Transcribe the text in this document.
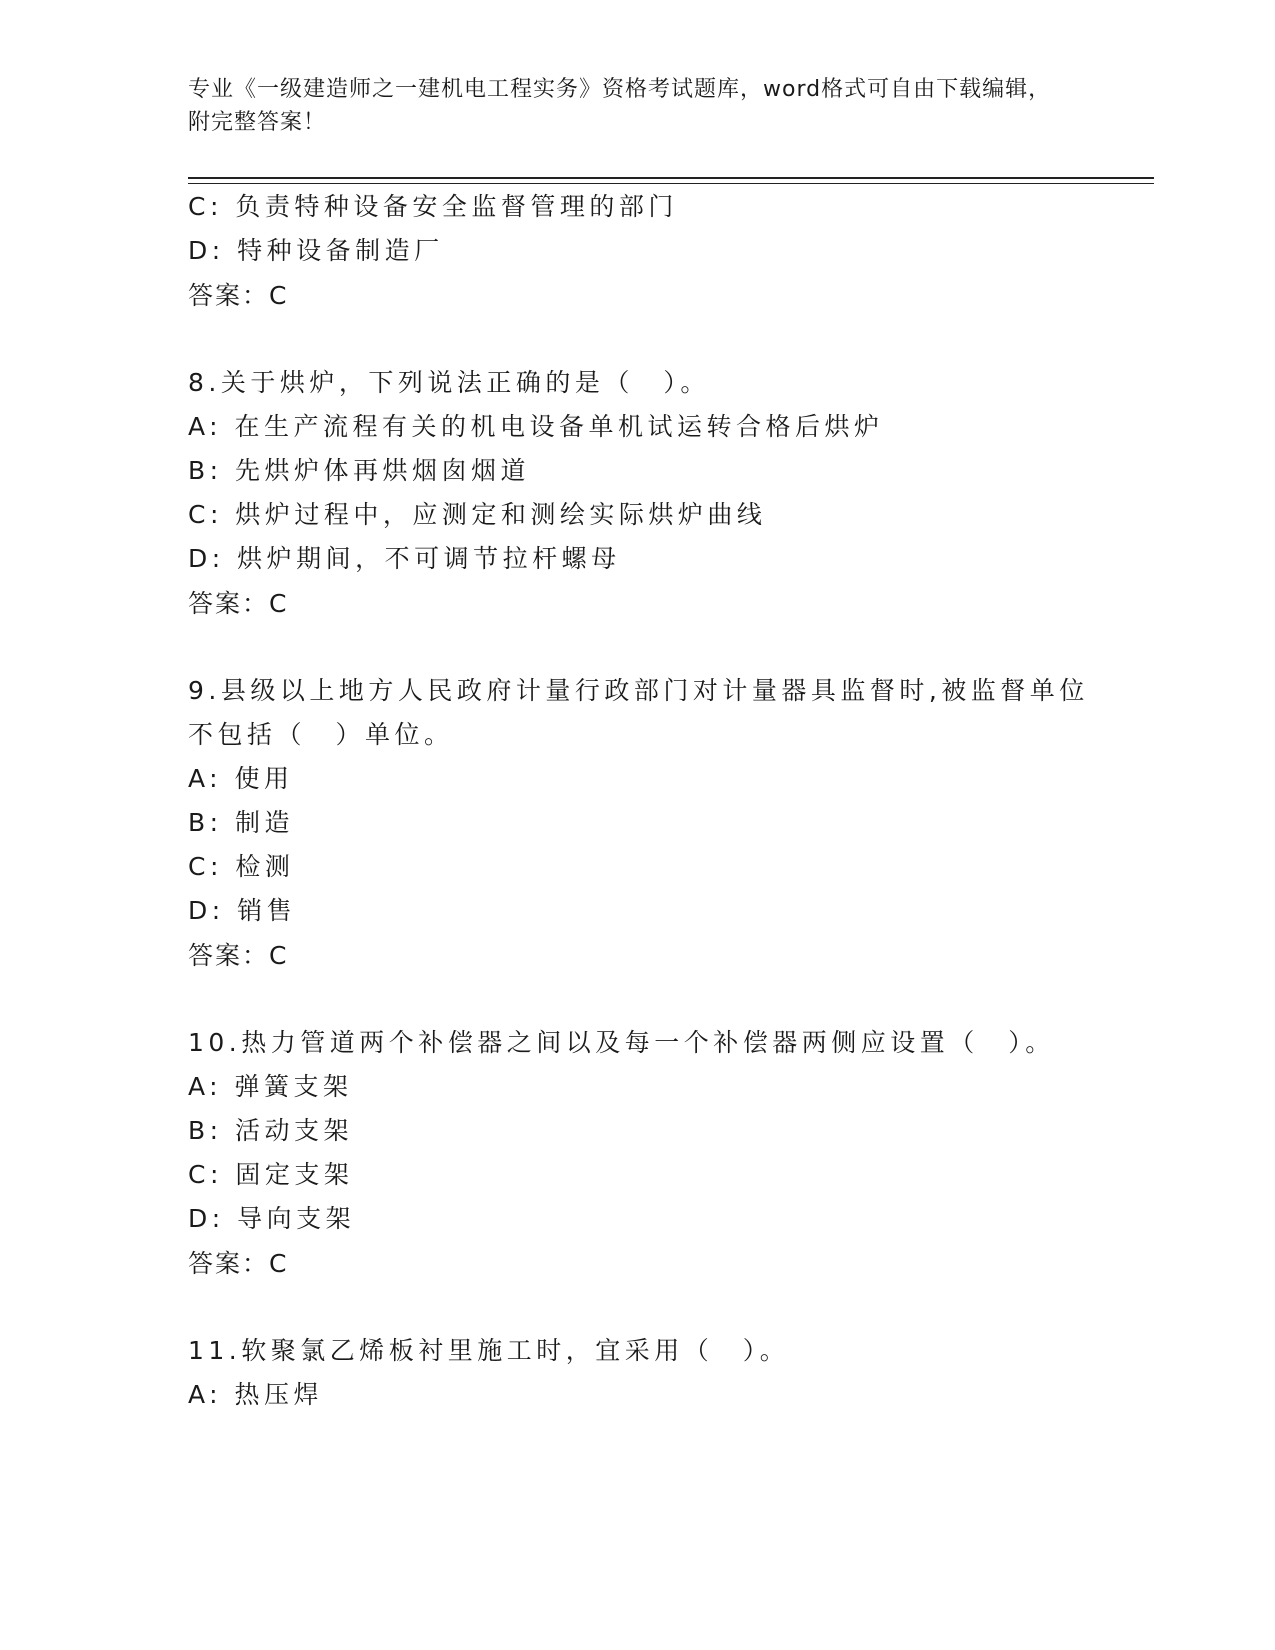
专业《一级建造师之一建机电工程实务》资格考试题库，word格式可自由下载编辑，附完整答案！
C: 负责特种设备安全监督管理的部门
D: 特种设备制造厂
答案：C
8.关于烘炉，下列说法正确的是（　）。
A: 在生产流程有关的机电设备单机试运转合格后烘炉
B: 先烘炉体再烘烟囱烟道
C: 烘炉过程中，应测定和测绘实际烘炉曲线
D: 烘炉期间，不可调节拉杆螺母
答案：C
9.县级以上地方人民政府计量行政部门对计量器具监督时,被监督单位
不包括（　）单位。
A: 使用
B: 制造
C: 检测
D: 销售
答案：C
10.热力管道两个补偿器之间以及每一个补偿器两侧应设置（　）。
A: 弹簧支架
B: 活动支架
C: 固定支架
D: 导向支架
答案：C
11.软聚氯乙烯板衬里施工时，宜采用（　）。
A: 热压焊
